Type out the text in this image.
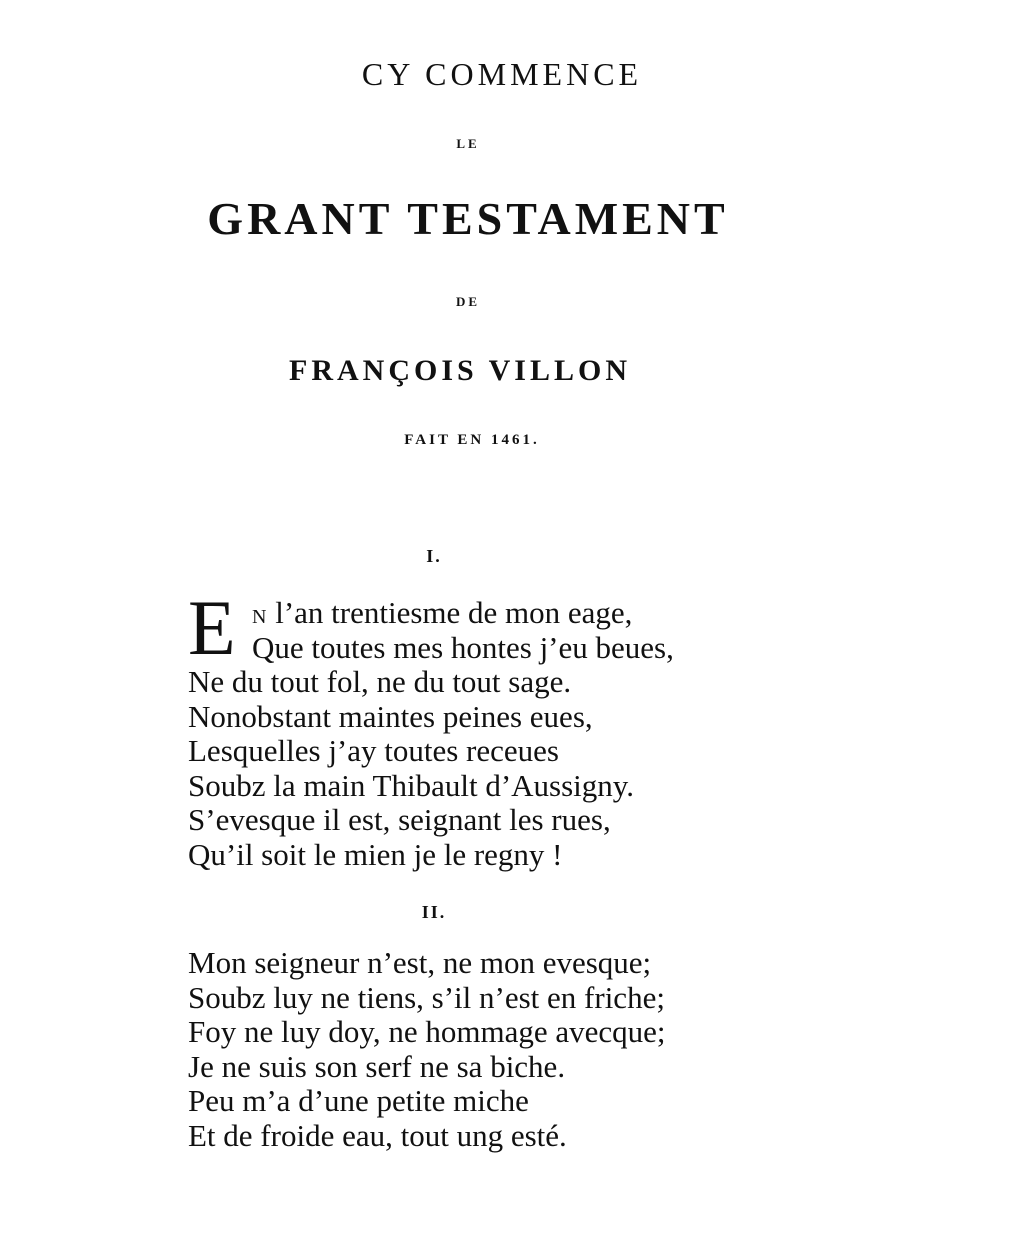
CY COMMENCE
LE
GRANT TESTAMENT
DE
FRANÇOIS VILLON
FAIT EN 1461.
I.
E N l’an trentiesme de mon eage,
Que toutes mes hontes j’eu beues,
Ne du tout fol, ne du tout sage.
Nonobstant maintes peines eues,
Lesquelles j’ay toutes receues
Soubz la main Thibault d’Aussigny.
S’evesque il est, seignant les rues,
Qu’il soit le mien je le regny !
II.
Mon seigneur n’est, ne mon evesque;
Soubz luy ne tiens, s’il n’est en friche;
Foy ne luy doy, ne hommage avecque;
Je ne suis son serf ne sa biche.
Peu m’a d’une petite miche
Et de froide eau, tout ung esté.
